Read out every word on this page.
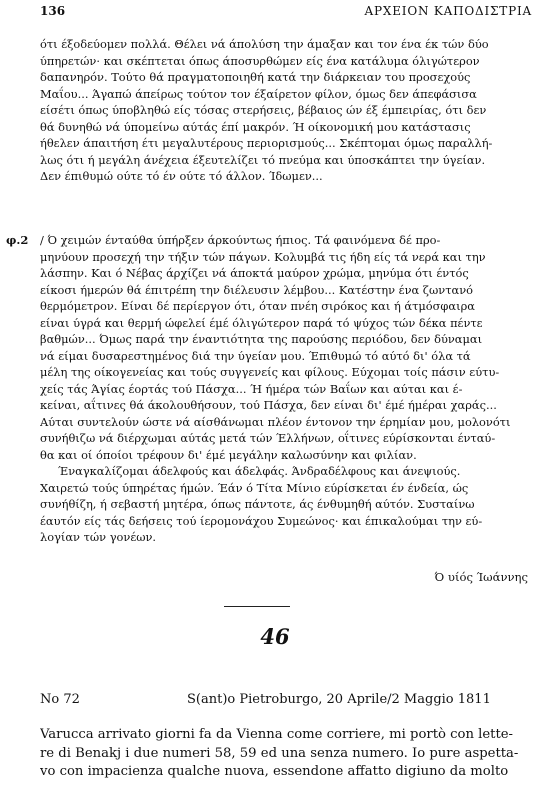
136	ΑΡΧΕΙΟΝ ΚΑΠΟΔΙΣΤΡΙΑ

ότι έξοδεύομεν πολλά. Θέλει νά άπολύση την άμαξαν και τον ένα έκ τών δύο
ύπηρετών· και σκέπτεται όπως άποσυρθώμεν είς ένα κατάλυμα όλιγώτερον
δαπανηρόν. Τούτο θά πραγματοποιηθή κατά την διάρκειαν του προσεχούς
Μαΐου... Άγαπώ άπείρως τούτον τον έξαίρετον φίλον, όμως δεν άπεφάσισα
είσέτι όπως ύποβληθώ είς τόσας στερήσεις, βέβαιος ών έξ έμπειρίας, ότι δεν
θά δυνηθώ νά ύπομείνω αύτάς έπί μακρόν. Ή οίκονομική μου κατάστασις
ήθελεν άπαιτήση έτι μεγαλυτέρους περιορισμούς... Σκέπτομαι όμως παραλλή-
λως ότι ή μεγάλη άνέχεια έξευτελίζει τό πνεύμα και ύποσκάπτει την ύγείαν.
Δεν έπιθυμώ ούτε τό έν ούτε τό άλλον. Ίδωμεν...

φ.2 / Ό χειμών ένταύθα ύπήρξεν άρκούντως ήπιος. Τά φαινόμενα δέ προ-
μηνύουν προσεχή την τήξιν τών πάγων. Κολυμβά τις ήδη είς τά νερά και την
λάσπην. Και ό Νέβας άρχίζει νά άποκτά μαύρον χρώμα, μηνύμα ότι έντός
είκοσι ήμερών θά έπιτρέπη την διέλευσιν λέμβου... Κατέστην ένα ζωντανό
θερμόμετρον. Είναι δέ περίεργον ότι, όταν πνέη σιρόκος και ή άτμόσφαιρα
είναι ύγρά και θερμή ώφελεί έμέ όλιγώτερον παρά τό ψύχος τών δέκα πέντε
βαθμών... Όμως παρά την έναντιότητα της παρούσης περιόδου, δεν δύναμαι
νά είμαι δυσαρεστημένος διά την ύγείαν μου. Έπιθυμώ τό αύτό δι' όλα τά
μέλη της οίκογενείας και τούς συγγενείς και φίλους. Εύχομαι τοίς πάσιν εύτυ-
χείς τάς Άγίας έορτάς τού Πάσχα... Ή ήμέρα τών Βαΐων και αύται και έ-
κείναι, αΐτινες θά άκολουθήσουν, τού Πάσχα, δεν είναι δι' έμέ ήμέραι χαράς...
Αύται συντελούν ώστε νά αίσθάνωμαι πλέον έντονον την έρημίαν μου, μολονότι
συνήθιζω νά διέρχωμαι αύτάς μετά τών Έλλήνων, οΐτινες εύρίσκονται ένταύ-
θα και οί όποίοι τρέφουν δι' έμέ μεγάλην καλωσύνην και φιλίαν.

Έναγκαλίζομαι άδελφούς και άδελφάς. Άνδραδέλφους και άνεψιούς.
Χαιρετώ τούς ύπηρέτας ήμών. Έάν ό Τίτα Μίνιο εύρίσκεται έν ένδεία, ώς
συνήθίζη, ή σεβαστή μητέρα, όπως πάντοτε, άς ένθυμηθή αύτόν. Συσταίνω
έαυτόν είς τάς δεήσεις τού ίερομονάχου Συμεώνος· και έπικαλούμαι την εύ-
λογίαν τών γονέων.

Ό υίός Ίωάννης
46
No 72	S(ant)o Pietroburgo, 20 Aprile/2 Maggio 1811
Varucca arrivato giorni fa da Vienna come corriere, mi portò con lette-
re di Benakj i due numeri 58, 59 ed una senza numero. Io pure aspetta-
vo con impacienza qualche nuova, essendone affatto digiuno da molto
